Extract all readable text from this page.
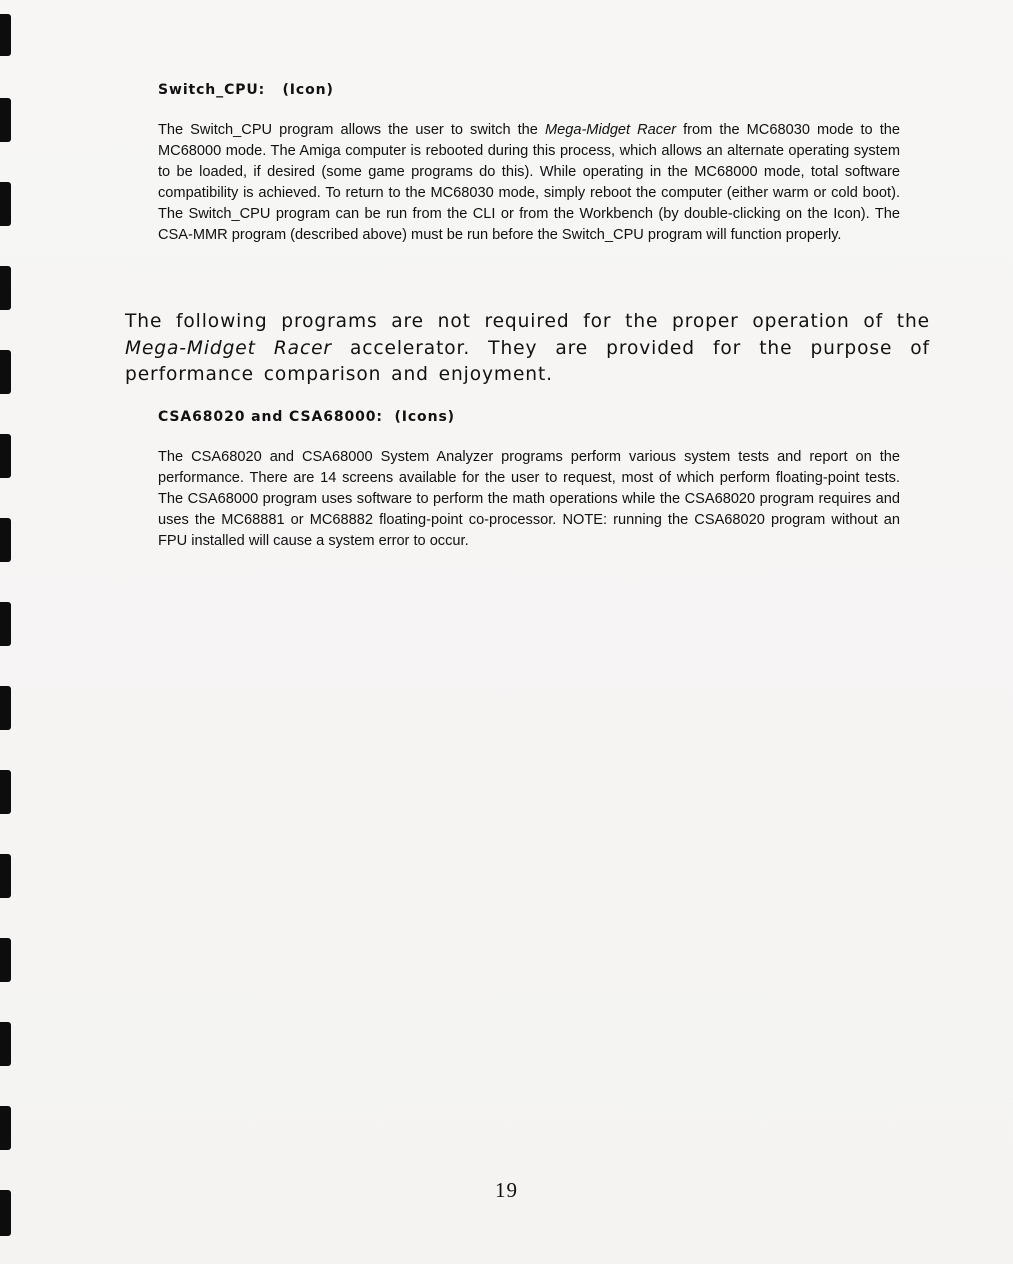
Switch_CPU:   (Icon)

The Switch_CPU program allows the user to switch the Mega-Midget Racer from the MC68030 mode to the MC68000 mode. The Amiga computer is rebooted during this process, which allows an alternate operating system to be loaded, if desired (some game programs do this). While operating in the MC68000 mode, total software compatibility is achieved. To return to the MC68030 mode, simply reboot the computer (either warm or cold boot). The Switch_CPU program can be run from the CLI or from the Workbench (by double-clicking on the Icon). The CSA-MMR program (described above) must be run before the Switch_CPU program will function properly.

The following programs are not required for the proper operation of the Mega-Midget Racer accelerator. They are provided for the purpose of performance comparison and enjoyment.

CSA68020 and CSA68000:  (Icons)

The CSA68020 and CSA68000 System Analyzer programs perform various system tests and report on the performance. There are 14 screens available for the user to request, most of which perform floating-point tests. The CSA68000 program uses software to perform the math operations while the CSA68020 program requires and uses the MC68881 or MC68882 floating-point co-processor. NOTE: running the CSA68020 program without an FPU installed will cause a system error to occur.

19
